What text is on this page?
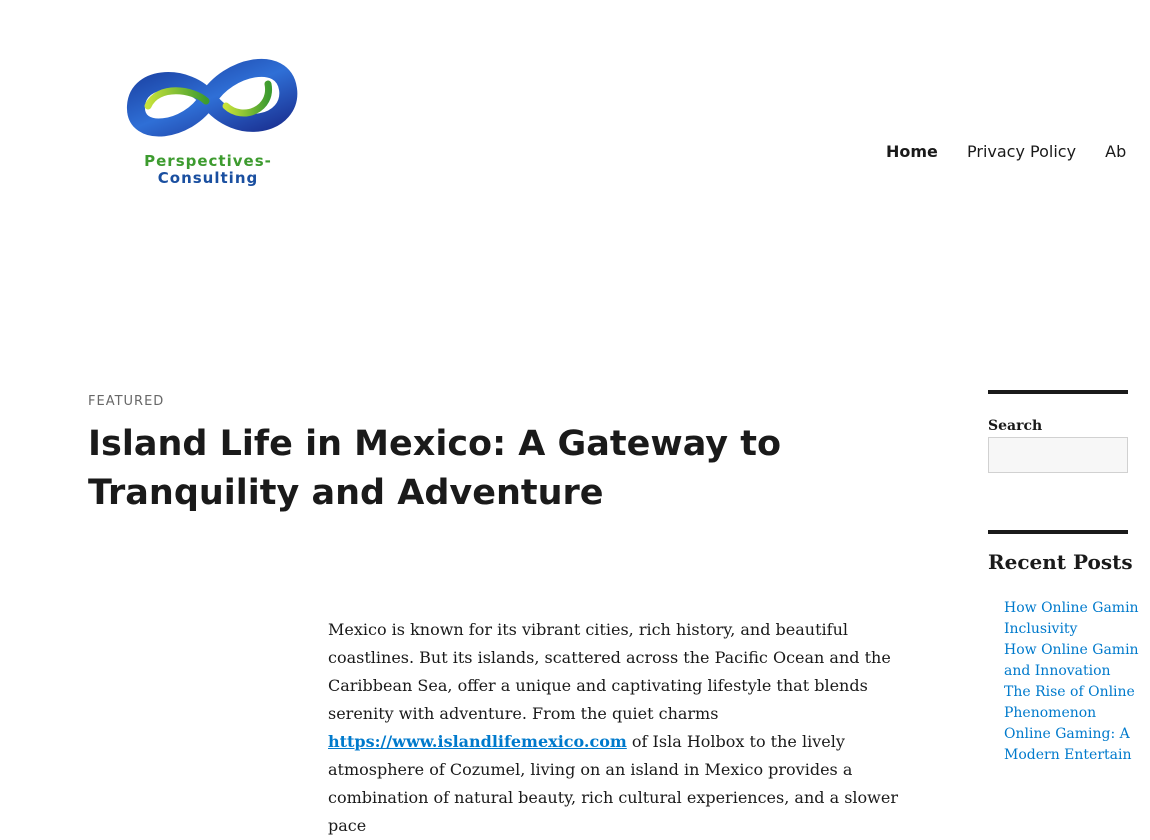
Perspectives-
Consulting
Home Privacy Policy Ab
FEATURED
Island Life in Mexico: A Gateway to Tranquility and Adventure

Mexico is known for its vibrant cities, rich history, and beautiful coastlines. But its islands, scattered across the Pacific Ocean and the Caribbean Sea, offer a unique and captivating lifestyle that blends serenity with adventure. From the quiet charms https://www.islandlifemexico.com of Isla Holbox to the lively atmosphere of Cozumel, living on an island in Mexico provides a combination of natural beauty, rich cultural experiences, and a slower pace

Search
Recent Posts
How Online Gamin
Inclusivity
How Online Gamin
and Innovation
The Rise of Online
Phenomenon
Online Gaming: A
Modern Entertain
